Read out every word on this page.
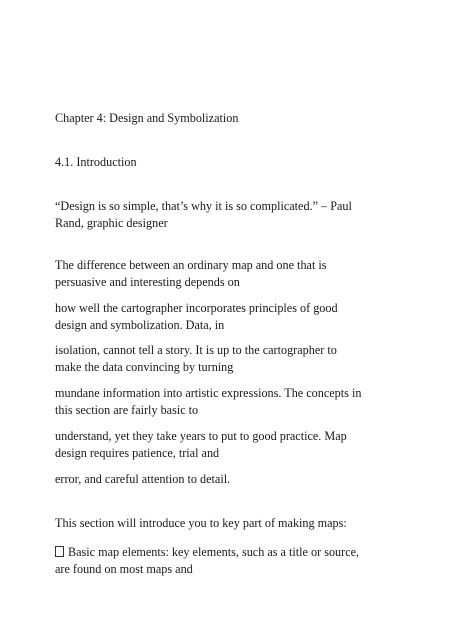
Chapter 4: Design and Symbolization

4.1. Introduction

“Design is so simple, that’s why it is so complicated.” – Paul
Rand, graphic designer

The difference between an ordinary map and one that is
persuasive and interesting depends on

how well the cartographer incorporates principles of good
design and symbolization. Data, in

isolation, cannot tell a story. It is up to the cartographer to
make the data convincing by turning

mundane information into artistic expressions. The concepts in
this section are fairly basic to

understand, yet they take years to put to good practice. Map
design requires patience, trial and

error, and careful attention to detail.

This section will introduce you to key part of making maps:

Basic map elements: key elements, such as a title or source,
are found on most maps and
